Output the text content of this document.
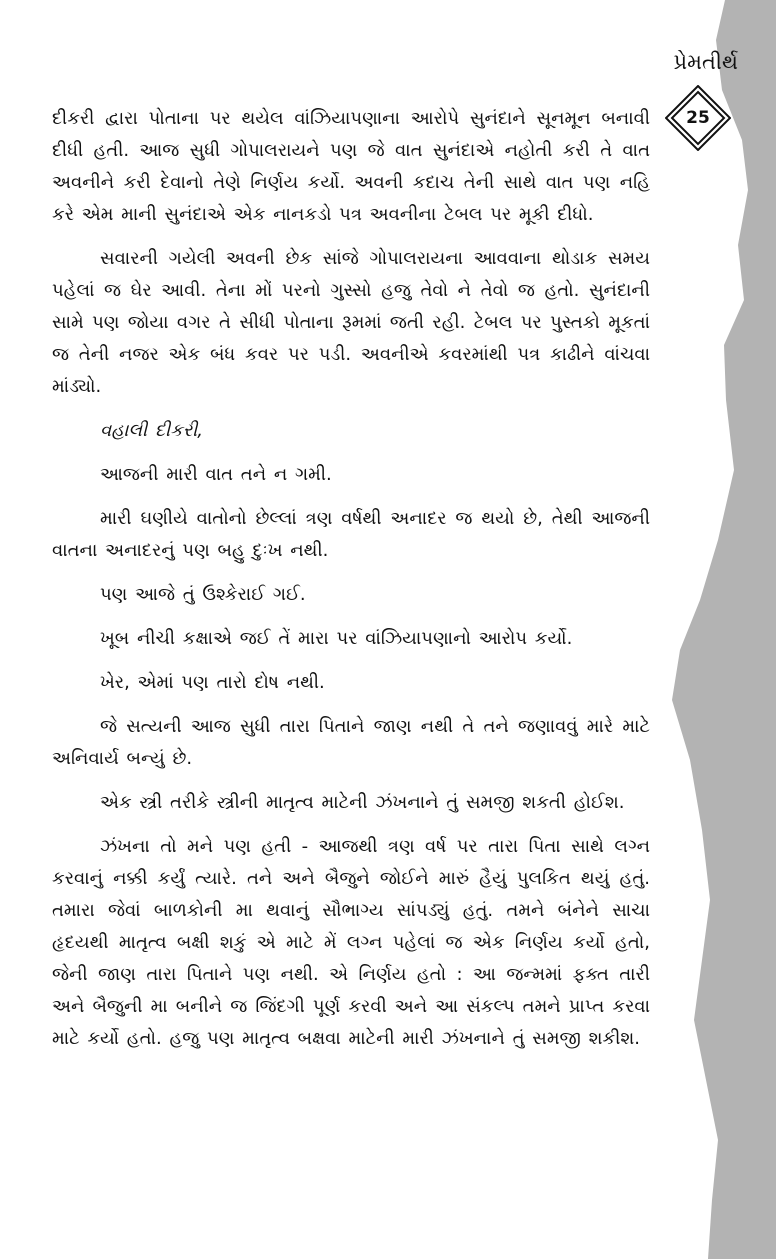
પ્રેમતીર્થ
25

દીકરી દ્વારા પોતાના પર થયેલ વાંઝિયાપણાના આરોપે સુનંદાને સૂનમૂન બનાવી દીધી હતી. આજ સુધી ગોપાલરાયને પણ જે વાત સુનંદાએ નહોતી કરી તે વાત અવનીને કરી દેવાનો તેણે નિર્ણય કર્યો. અવની કદાચ તેની સાથે વાત પણ નહિ કરે એમ માની સુનંદાએ એક નાનકડો પત્ર અવનીના ટેબલ પર મૂકી દીધો.

સવારની ગયેલી અવની છેક સાંજે ગોપાલરાયના આવવાના થોડાક સમય પહેલાં જ ઘેર આવી. તેના મોં પરનો ગુસ્સો હજુ તેવો ને તેવો જ હતો. સુનંદાની સામે પણ જોયા વગર તે સીધી પોતાના રૂમમાં જતી રહી. ટેબલ પર પુસ્તકો મૂકતાં જ તેની નજર એક બંધ કવર પર પડી. અવનીએ કવરમાંથી પત્ર કાઢીને વાંચવા માંડ્યો.

વહાલી દીકરી,

આજની મારી વાત તને ન ગમી.

મારી ઘણીયે વાતોનો છેલ્લાં ત્રણ વર્ષથી અનાદર જ થયો છે, તેથી આજની વાતના અનાદરનું પણ બહુ દુઃખ નથી.

પણ આજે તું ઉશ્કેરાઈ ગઈ.

ખૂબ નીચી કક્ષાએ જઈ તેં મારા પર વાંઝિયાપણાનો આરોપ કર્યો.

ખેર, એમાં પણ તારો દોષ નથી.

જે સત્યની આજ સુધી તારા પિતાને જાણ નથી તે તને જણાવવું મારે માટે અનિવાર્ય બન્યું છે.

એક સ્ત્રી તરીકે સ્ત્રીની માતૃત્વ માટેની ઝંખનાને તું સમજી શકતી હોઈશ.

ઝંખના તો મને પણ હતી - આજથી ત્રણ વર્ષ પર તારા પિતા સાથે લગ્ન કરવાનું નક્કી કર્યું ત્યારે. તને અને બૈજુને જોઈને મારું હૈયું પુલકિત થયું હતું. તમારા જેવાં બાળકોની મા થવાનું સૌભાગ્ય સાંપડ્યું હતું. તમને બંનેને સાચા હૃદયથી માતૃત્વ બક્ષી શકું એ માટે મેં લગ્ન પહેલાં જ એક નિર્ણય કર્યો હતો, જેની જાણ તારા પિતાને પણ નથી. એ નિર્ણય હતો : આ જન્મમાં ફક્ત તારી અને બૈજુની મા બનીને જ જિંદગી પૂર્ણ કરવી અને આ સંકલ્પ તમને પ્રાપ્ત કરવા માટે કર્યો હતો. હજુ પણ માતૃત્વ બક્ષવા માટેની મારી ઝંખનાને તું સમજી શકીશ.
